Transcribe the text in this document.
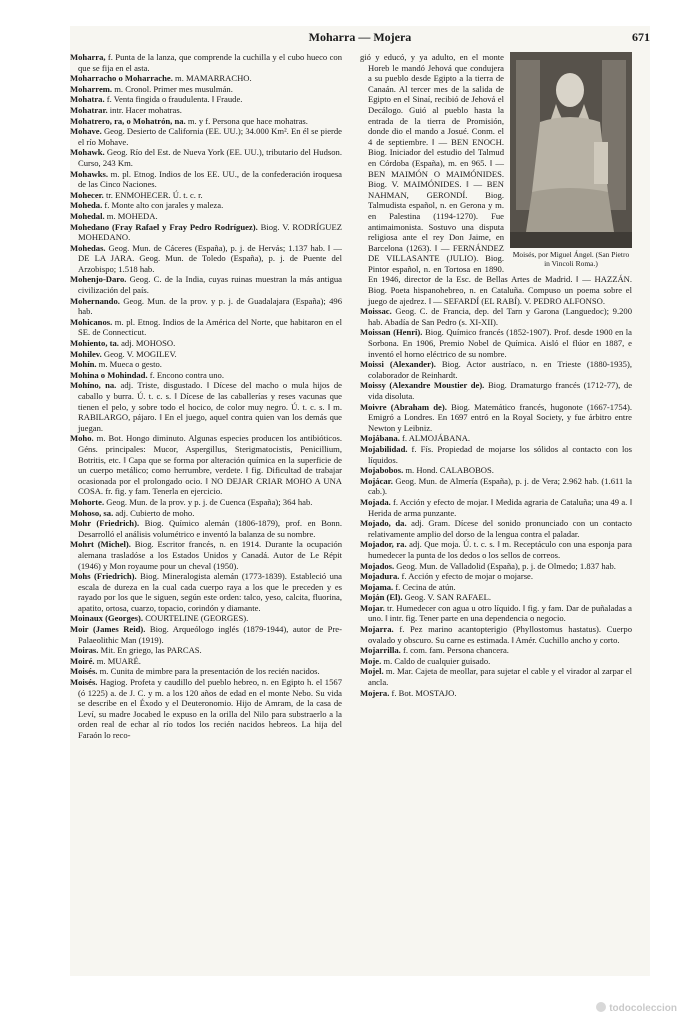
Moharra — Mojera	671

Moharra, f. Punta de la lanza, que comprende la cuchilla y el cubo hueco con que se fija en el asta.

Moharracho o Moharrache. m. MAMARRACHO.

Moharrem. m. Cronol. Primer mes musulmán.

Mohatra. f. Venta fingida o fraudulenta. ‖ Fraude.

Mohatrar. intr. Hacer mohatras.

Mohatrero, ra, o Mohatrón, na. m. y f. Persona que hace mohatras.

Mohave. Geog. Desierto de California (EE. UU.); 34.000 Km². En él se pierde el río Mohave.

Mohawk. Geog. Río del Est. de Nueva York (EE. UU.), tributario del Hudson. Curso, 243 Km.

Mohawks. m. pl. Etnog. Indios de los EE. UU., de la confederación iroquesa de las Cinco Naciones.

Mohecer. tr. ENMOHECER. Ú. t. c. r.

Moheda. f. Monte alto con jarales y maleza.

Mohedal. m. MOHEDA.

Mohedano (Fray Rafael y Fray Pedro Rodríguez). Biog. V. RODRÍGUEZ MOHEDANO.

Mohedas. Geog. Mun. de Cáceres (España), p. j. de Hervás; 1.137 hab. ‖ — DE LA JARA. Geog. Mun. de Toledo (España), p. j. de Puente del Arzobispo; 1.518 hab.

Mohenjo-Daro. Geog. C. de la India, cuyas ruinas muestran la más antigua civilización del país.

Mohernando. Geog. Mun. de la prov. y p. j. de Guadalajara (España); 496 hab.

Mohicanos. m. pl. Etnog. Indios de la América del Norte, que habitaron en el SE. de Connecticut.

Mohiento, ta. adj. MOHOSO.

Mohilev. Geog. V. MOGILEV.

Mohín. m. Mueca o gesto.

Mohina o Mohindad. f. Encono contra uno.

Mohíno, na. adj. Triste, disgustado. ‖ Dícese del macho o mula hijos de caballo y burra. Ú. t. c. s. ‖ Dícese de las caballerías y reses vacunas que tienen el pelo, y sobre todo el hocico, de color muy negro. Ú. t. c. s. ‖ m. RABILARGO, pájaro. ‖ En el juego, aquel contra quien van los demás que juegan.

Moho. m. Bot. Hongo diminuto. Algunas especies producen los antibióticos. Géns. principales: Mucor, Aspergillus, Sterigmatocistis, Penicillium, Botritis, etc. ‖ Capa que se forma por alteración química en la superficie de un cuerpo metálico; como herrumbre, verdete. ‖ fig. Dificultad de trabajar ocasionada por el prolongado ocio. ‖ NO DEJAR CRIAR MOHO A UNA COSA. fr. fig. y fam. Tenerla en ejercicio.

Mohorte. Geog. Mun. de la prov. y p. j. de Cuenca (España); 364 hab.

Mohoso, sa. adj. Cubierto de moho.

Mohr (Friedrich). Biog. Químico alemán (1806-1879), prof. en Bonn. Desarrolló el análisis volumétrico e inventó la balanza de su nombre.

Mohrt (Michel). Biog. Escritor francés, n. en 1914. Durante la ocupación alemana trasladóse a los Estados Unidos y Canadá. Autor de Le Répit (1946) y Mon royaume pour un cheval (1950).

Mohs (Friedrich). Biog. Mineralogista alemán (1773-1839). Estableció una escala de dureza en la cual cada cuerpo raya a los que le preceden y es rayado por los que le siguen, según este orden: talco, yeso, calcita, fluorina, apatito, ortosa, cuarzo, topacio, corindón y diamante.

Moinaux (Georges). COURTELINE (GEORGES).

Moir (James Reid). Biog. Arqueólogo inglés (1879-1944), autor de Pre-Palaeolithic Man (1919).

Moiras. Mit. En griego, las PARCAS.

Moiré. m. MUARÉ.

Moisés. m. Cunita de mimbre para la presentación de los recién nacidos.

Moisés. Hagiog. Profeta y caudillo del pueblo hebreo, n. en Egipto h. el 1567 (ó 1225) a. de J. C. y m. a los 120 años de edad en el monte Nebo. Su vida se describe en el Éxodo y el Deuteronomio. Hijo de Amram, de la casa de Leví, su madre Jocabed le expuso en la orilla del Nilo para substraerlo a la orden real de echar al río todos los recién nacidos hebreos. La hija del Faraón lo reco-

Moisés, por Miguel Ángel. (San Pietro in Vincoli Roma.)

gió y educó, y ya adulto, en el monte Horeb le mandó Jehová que condujera a su pueblo desde Egipto a la tierra de Canaán. Al tercer mes de la salida de Egipto en el Sinaí, recibió de Jehová el Decálogo. Guió al pueblo hasta la entrada de la tierra de Promisión, donde dio el mando a Josué. Conm. el 4 de septiembre. ‖ — BEN ENOCH. Biog. Iniciador del estudio del Talmud en Córdoba (España), m. en 965. ‖ — BEN MAIMÓN O MAIMÓNIDES. Biog. V. MAIMÓNIDES. ‖ — BEN NAHMAN, GERONDÍ. Biog. Talmudista español, n. en Gerona y m. en Palestina (1194-1270). Fue antimaimonista. Sostuvo una disputa religiosa ante el rey Don Jaime, en Barcelona (1263). ‖ — FERNÁNDEZ DE VILLASANTE (JULIO). Biog. Pintor español, n. en Tortosa en 1890. En 1946, director de la Esc. de Bellas Artes de Madrid. ‖ — HAZZÁN. Biog. Poeta hispanohebreo, n. en Cataluña. Compuso un poema sobre el juego de ajedrez. ‖ — SEFARDÍ (EL RABÍ). V. PEDRO ALFONSO.

Moissac. Geog. C. de Francia, dep. del Tarn y Garona (Languedoc); 9.200 hab. Abadía de San Pedro (s. XI-XII).

Moissan (Henri). Biog. Químico francés (1852-1907). Prof. desde 1900 en la Sorbona. En 1906, Premio Nobel de Química. Aisló el flúor en 1887, e inventó el horno eléctrico de su nombre.

Moissi (Alexander). Biog. Actor austríaco, n. en Trieste (1880-1935), colaborador de Reinhardt.

Moissy (Alexandre Moustier de). Biog. Dramaturgo francés (1712-77), de vida disoluta.

Moivre (Abraham de). Biog. Matemático francés, hugonote (1667-1754). Emigró a Londres. En 1697 entró en la Royal Society, y fue árbitro entre Newton y Leibniz.

Mojábana. f. ALMOJÁBANA.

Mojabilidad. f. Fís. Propiedad de mojarse los sólidos al contacto con los líquidos.

Mojabobos. m. Hond. CALABOBOS.

Mojácar. Geog. Mun. de Almería (España), p. j. de Vera; 2.962 hab. (1.611 la cab.).

Mojada. f. Acción y efecto de mojar. ‖ Medida agraria de Cataluña; una 49 a. ‖ Herida de arma punzante.

Mojado, da. adj. Gram. Dícese del sonido pronunciado con un contacto relativamente amplio del dorso de la lengua contra el paladar.

Mojador, ra. adj. Que moja. Ú. t. c. s. ‖ m. Receptáculo con una esponja para humedecer la punta de los dedos o los sellos de correos.

Mojados. Geog. Mun. de Valladolid (España), p. j. de Olmedo; 1.837 hab.

Mojadura. f. Acción y efecto de mojar o mojarse.

Mojama. f. Cecina de atún.

Moján (El). Geog. V. SAN RAFAEL.

Mojar. tr. Humedecer con agua u otro líquido. ‖ fig. y fam. Dar de puñaladas a uno. ‖ intr. fig. Tener parte en una dependencia o negocio.

Mojarra. f. Pez marino acantopterigio (Phyllostomus hastatus). Cuerpo ovalado y obscuro. Su carne es estimada. ‖ Amér. Cuchillo ancho y corto.

Mojarrilla. f. com. fam. Persona chancera.

Moje. m. Caldo de cualquier guisado.

Mojel. m. Mar. Cajeta de meollar, para sujetar el cable y el virador al zarpar el ancla.

Mojera. f. Bot. MOSTAJO.

todocoleccion
